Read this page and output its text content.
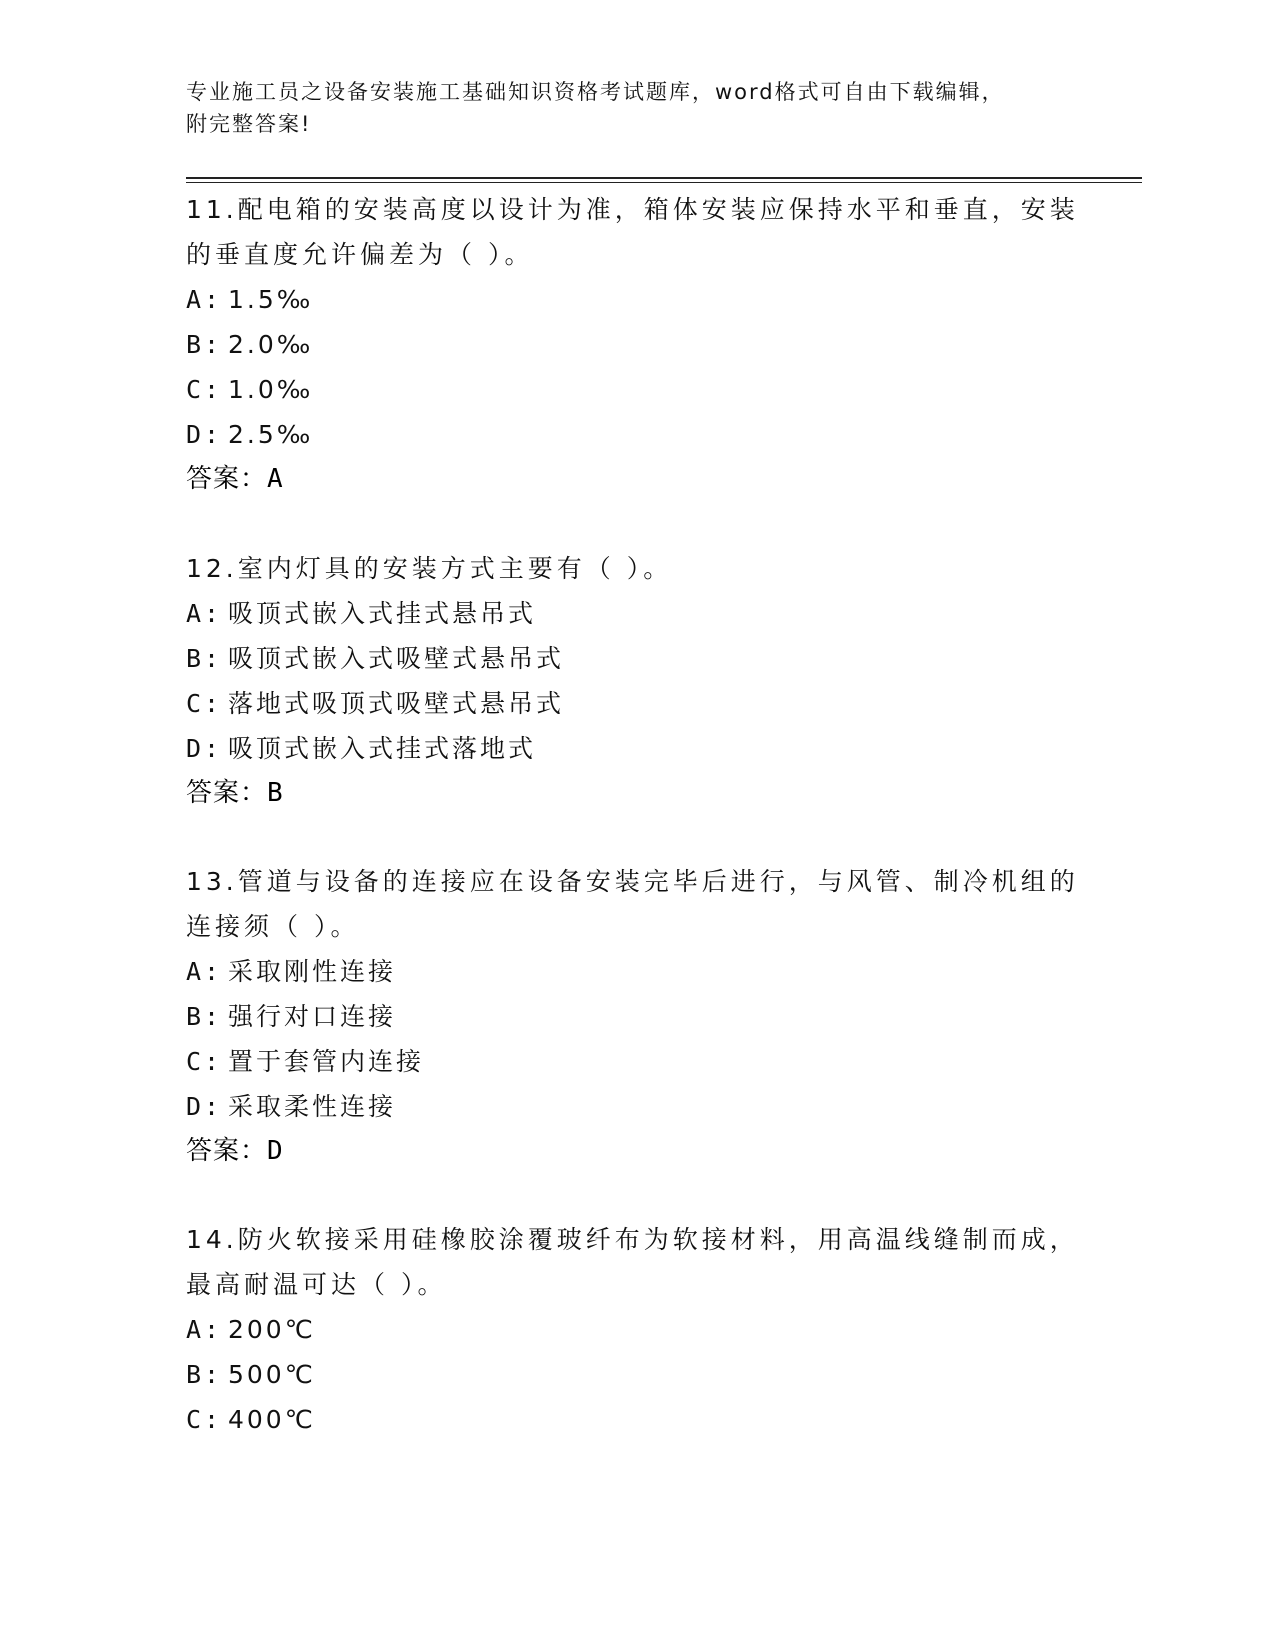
专业施工员之设备安装施工基础知识资格考试题库，word格式可自由下载编辑，
附完整答案!

11.配电箱的安装高度以设计为准，箱体安装应保持水平和垂直，安装

的垂直度允许偏差为（ ）。

A: 1.5‰

B: 2.0‰

C: 1.0‰

D: 2.5‰

答案：A

12.室内灯具的安装方式主要有（ ）。

A: 吸顶式嵌入式挂式悬吊式

B: 吸顶式嵌入式吸壁式悬吊式

C: 落地式吸顶式吸壁式悬吊式

D: 吸顶式嵌入式挂式落地式

答案：B

13.管道与设备的连接应在设备安装完毕后进行，与风管、制冷机组的

连接须（ ）。

A: 采取刚性连接

B: 强行对口连接

C: 置于套管内连接

D: 采取柔性连接

答案：D

14.防火软接采用硅橡胶涂覆玻纤布为软接材料，用高温线缝制而成，

最高耐温可达（ ）。

A: 200℃

B: 500℃

C: 400℃
